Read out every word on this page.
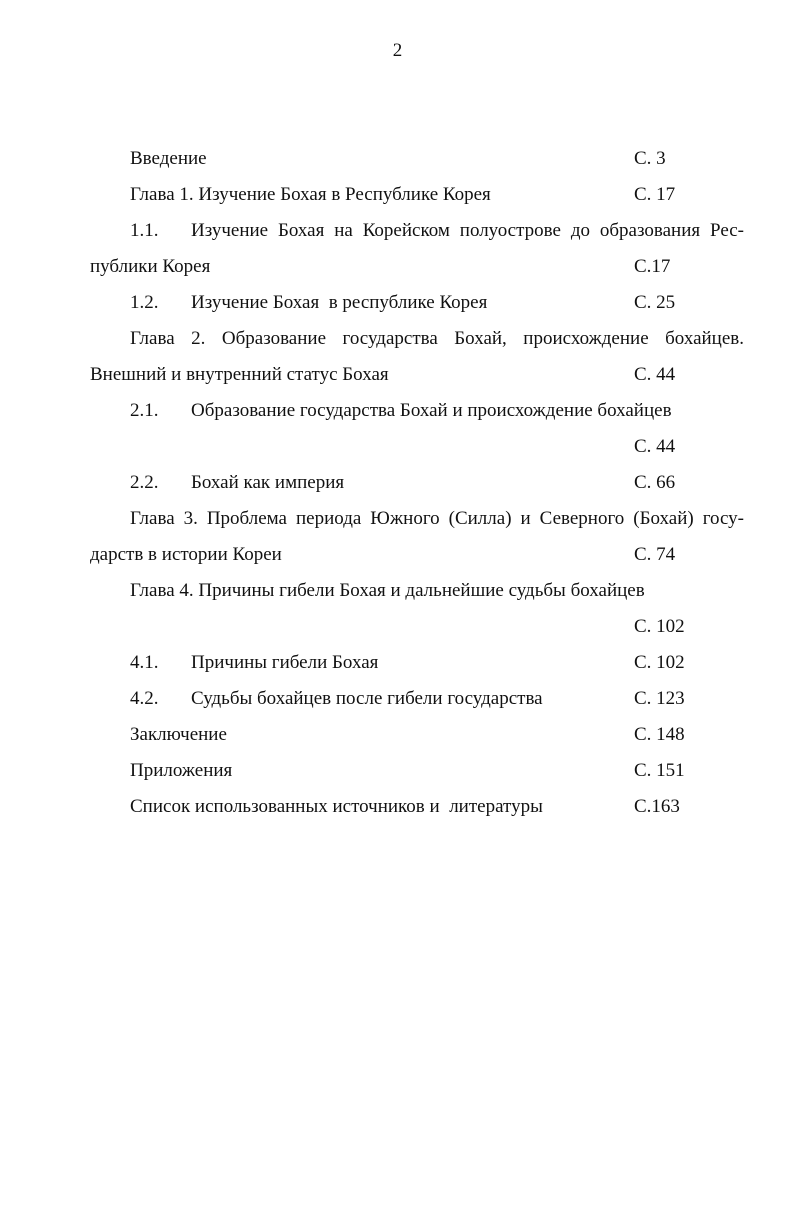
2
Введение	С. 3
Глава 1. Изучение Бохая в Республике Корея	С. 17
1.1. Изучение Бохая на Корейском полуострове до образования Рес-
публики Корея	С.17
1.2. Изучение Бохая  в республике Корея	С. 25
Глава 2. Образование государства Бохай, происхождение бохайцев.
Внешний и внутренний статус Бохая	С. 44
2.1. Образование государства Бохай и происхождение бохайцев
С. 44
2.2. Бохай как империя	С. 66
Глава 3. Проблема периода Южного (Силла) и Северного (Бохай) госу-
дарств в истории Кореи	С. 74
Глава 4. Причины гибели Бохая и дальнейшие судьбы бохайцев
С. 102
4.1. Причины гибели Бохая	С. 102
4.2. Судьбы бохайцев после гибели государства	С. 123
Заключение	С. 148
Приложения	С. 151
Список использованных источников и  литературы	С.163
